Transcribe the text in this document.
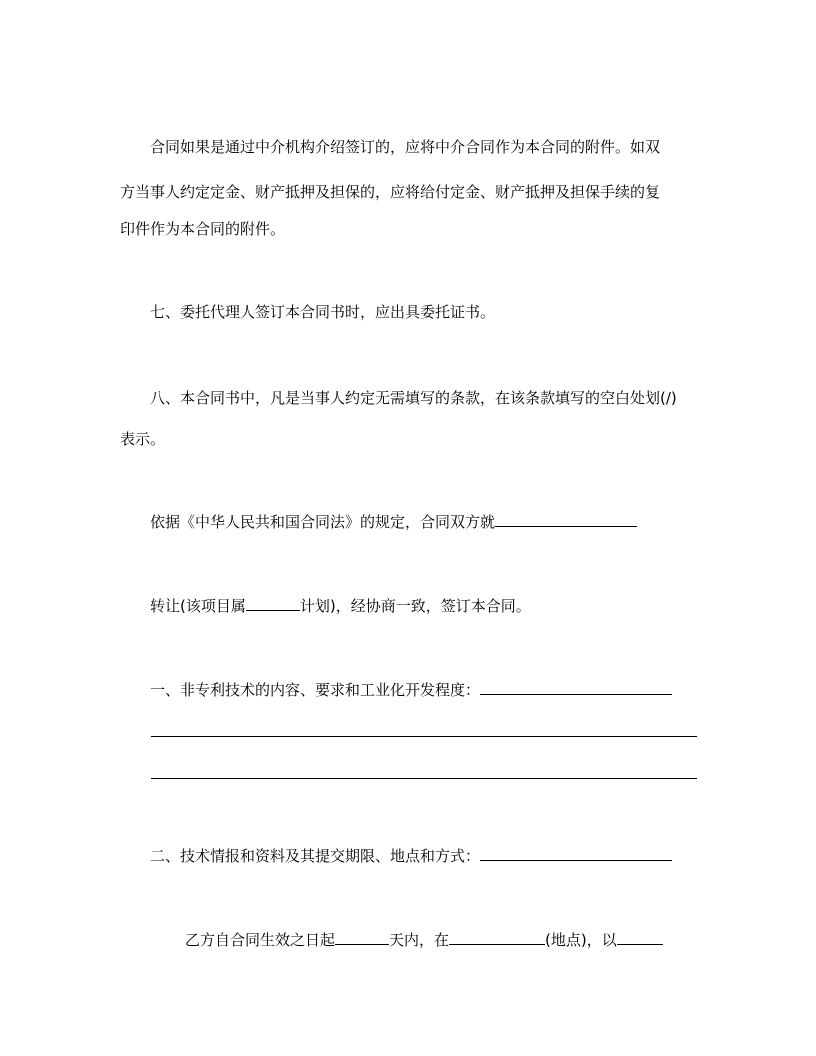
合同如果是通过中介机构介绍签订的，应将中介合同作为本合同的附件。如双
方当事人约定定金、财产抵押及担保的，应将给付定金、财产抵押及担保手续的复
印件作为本合同的附件。
七、委托代理人签订本合同书时，应出具委托证书。
八、本合同书中，凡是当事人约定无需填写的条款，在该条款填写的空白处划(/)
表示。
依据《中华人民共和国合同法》的规定，合同双方就
转让(该项目属	计划)，经协商一致，签订本合同。
一、非专利技术的内容、要求和工业化开发程度：
二、技术情报和资料及其提交期限、地点和方式：
乙方自合同生效之日起	天内，在	(地点)，以
